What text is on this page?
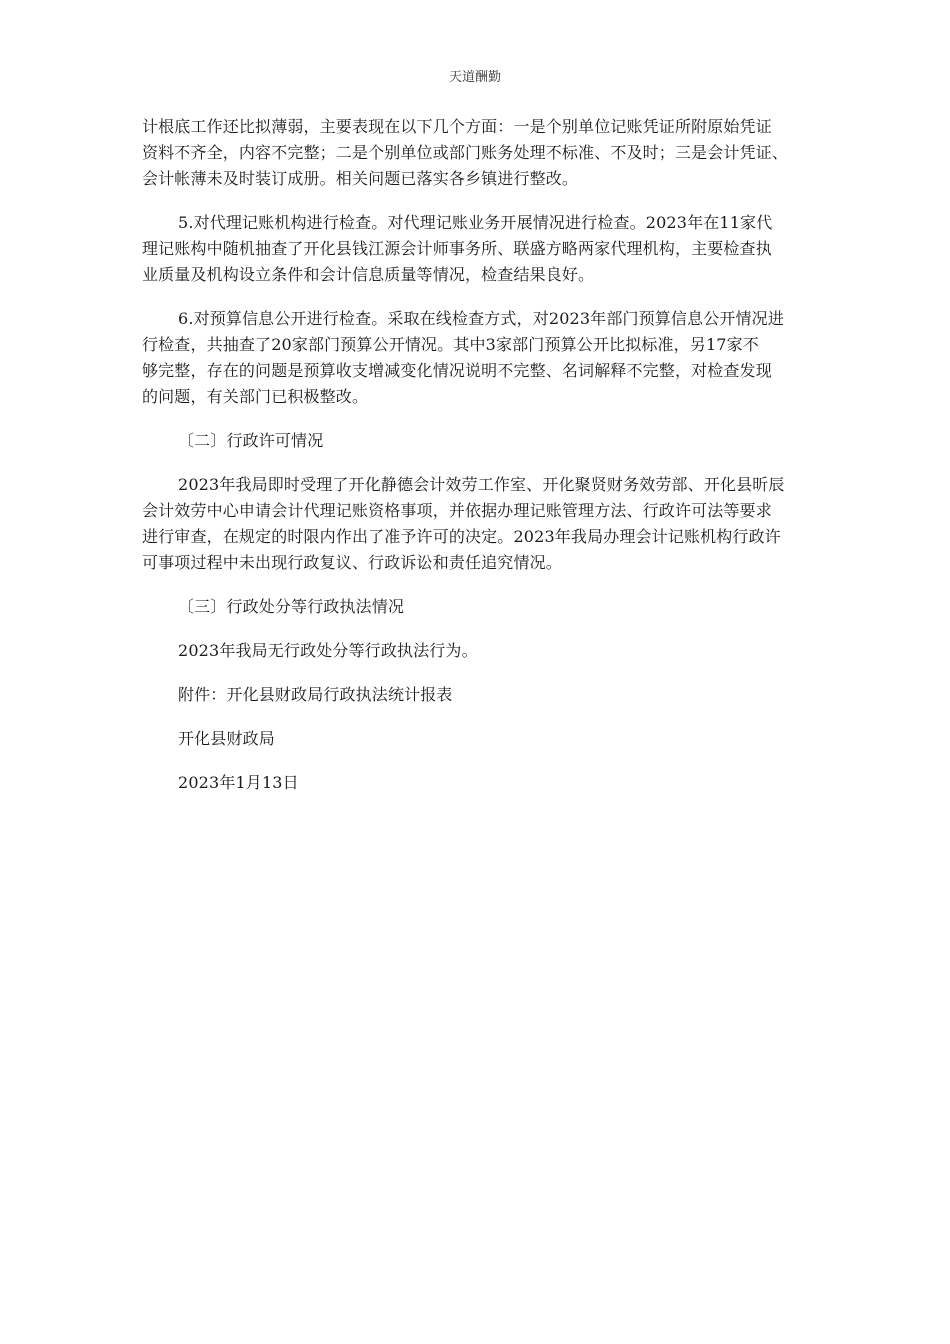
天道酬勤
计根底工作还比拟薄弱，主要表现在以下几个方面：一是个别单位记账凭证所附原始凭证
资料不齐全，内容不完整；二是个别单位或部门账务处理不标准、不及时；三是会计凭证、
会计帐薄未及时装订成册。相关问题已落实各乡镇进行整改。
5.对代理记账机构进行检查。对代理记账业务开展情况进行检查。2023年在11家代
理记账构中随机抽查了开化县钱江源会计师事务所、联盛方略两家代理机构，主要检查执
业质量及机构设立条件和会计信息质量等情况，检查结果良好。
6.对预算信息公开进行检查。采取在线检查方式，对2023年部门预算信息公开情况进
行检查，共抽查了20家部门预算公开情况。其中3家部门预算公开比拟标准，另17家不
够完整，存在的问题是预算收支增减变化情况说明不完整、名词解释不完整，对检查发现
的问题，有关部门已积极整改。
〔二〕行政许可情况
2023年我局即时受理了开化静德会计效劳工作室、开化聚贤财务效劳部、开化县昕辰
会计效劳中心申请会计代理记账资格事项，并依据办理记账管理方法、行政许可法等要求
进行审查，在规定的时限内作出了准予许可的决定。2023年我局办理会计记账机构行政许
可事项过程中未出现行政复议、行政诉讼和责任追究情况。
〔三〕行政处分等行政执法情况
2023年我局无行政处分等行政执法行为。
附件：开化县财政局行政执法统计报表
开化县财政局
2023年1月13日
